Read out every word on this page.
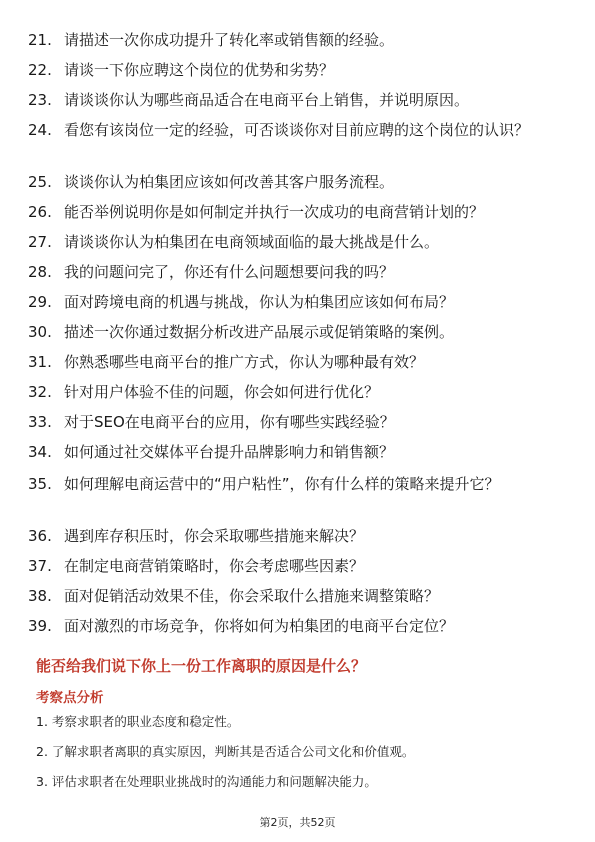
21. 请描述一次你成功提升了转化率或销售额的经验。
22. 请谈一下你应聘这个岗位的优势和劣势？
23. 请谈谈你认为哪些商品适合在电商平台上销售，并说明原因。
24. 看您有该岗位一定的经验，可否谈谈你对目前应聘的这个岗位的认识？
25. 谈谈你认为柏集团应该如何改善其客户服务流程。
26. 能否举例说明你是如何制定并执行一次成功的电商营销计划的？
27. 请谈谈你认为柏集团在电商领域面临的最大挑战是什么。
28. 我的问题问完了，你还有什么问题想要问我的吗？
29. 面对跨境电商的机遇与挑战，你认为柏集团应该如何布局？
30. 描述一次你通过数据分析改进产品展示或促销策略的案例。
31. 你熟悉哪些电商平台的推广方式，你认为哪种最有效？
32. 针对用户体验不佳的问题，你会如何进行优化？
33. 对于SEO在电商平台的应用，你有哪些实践经验？
34. 如何通过社交媒体平台提升品牌影响力和销售额？
35. 如何理解电商运营中的“用户粘性”，你有什么样的策略来提升它？
36. 遇到库存积压时，你会采取哪些措施来解决？
37. 在制定电商营销策略时，你会考虑哪些因素？
38. 面对促销活动效果不佳，你会采取什么措施来调整策略？
39. 面对激烈的市场竞争，你将如何为柏集团的电商平台定位？
能否给我们说下你上一份工作离职的原因是什么？
考察点分析
1. 考察求职者的职业态度和稳定性。
2. 了解求职者离职的真实原因，判断其是否适合公司文化和价值观。
3. 评估求职者在处理职业挑战时的沟通能力和问题解决能力。
第2页，共52页
